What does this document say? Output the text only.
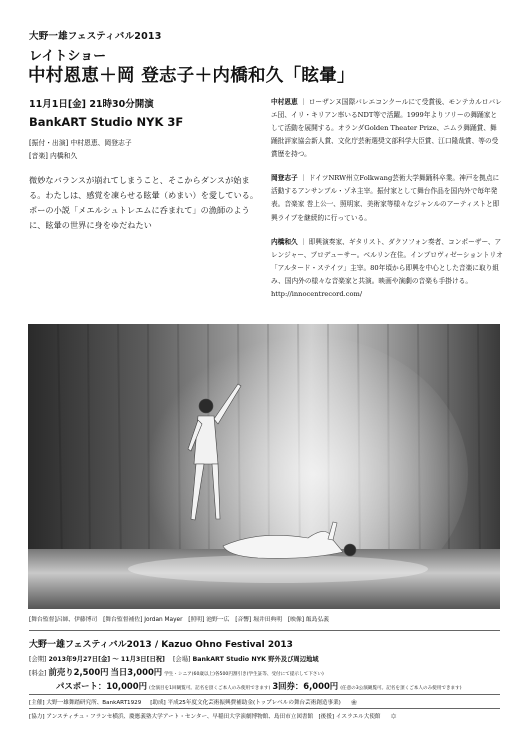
大野一雄フェスティバル2013
レイトショー
中村恩恵＋岡 登志子＋内橋和久「眩暈」
11月1日[金] 21時30分開演
BankART Studio NYK 3F
[振付・出演] 中村恩恵、岡登志子
[音楽] 内橋和久
微妙なバランスが崩れてしまうこと、そこからダンスが始まる。わたしは、感覚を凍らせる眩暈（めまい）を愛している。ポーの小説「メエルシュトレエムに呑まれて」の漁師のように、眩暈の世界に身をゆだねたい
中村恩恵 ｜ ローザンヌ国際バレエコンクールにて受賞後、モンテカルロバレエ団、イリ・キリアン率いるNDT等で活躍。1999年よりフリーの舞踊家として活動を展開する。オランダGolden Theater Prize、ニムラ舞踊賞、舞踊批評家協会新人賞、文化庁芸術選奨文部科学大臣賞、江口隆哉賞、等の受賞歴を持つ。
岡登志子 ｜ ドイツNRW州立Folkwang芸術大学舞踊科卒業。神戸を拠点に活動するアンサンブル・ゾネ主宰。振付家として舞台作品を国内外で毎年発表。音楽家 巻上公一、照明家、美術家等様々なジャンルのアーティストと即興ライブを継続的に行っている。
内橋和久 ｜ 即興演奏家、ギタリスト、ダクソフォン奏者、コンポーザー、アレンジャー、プロデューサー。ベルリン在住。インプロヴィゼーショントリオ「アルタード・ステイツ」主宰。80年頃から即興を中心とした音楽に取り組み、国内外の様々な音楽家と共演。映画や演劇の音楽も手掛ける。http://innocentrecord.com/
[舞台監督]呂師、伊藤博司　[舞台監督補佐] Jordan Mayer　[照明] 池野一広　[音響] 堀井田典明　[映像] 飯島弘義
大野一雄フェスティバル2013 / Kazuo Ohno Festival 2013
[会期] 2013年9月27日[金] ～ 11月3日[日祝] [会場] BankART Studio NYK 野外及び周辺地域
[料金] 前売り2,500円 当日3,000円 学生・シニア(60歳以上)各500円割引き(学生証等、受付にて提示して下さい)
パスポート：10,000円 (全演目を1回観覧可。記名を頂くご本人のみ使用できます) 3回券：6,000円 (任意の3公演観覧可。記名を頂くご本人のみ使用できます)
[主催] 大野一雄舞踏研究所、BankART1929 [助成] 平成25年度文化芸術振興費補助金(トップレベルの舞台芸術創造事業) ❀
[協力] アンスティチュ・フランセ横浜、慶應義塾大学アート・センター、早稲田大学演劇博物館、島田市立図書館 [後援] イスラエル大使館 ✡
